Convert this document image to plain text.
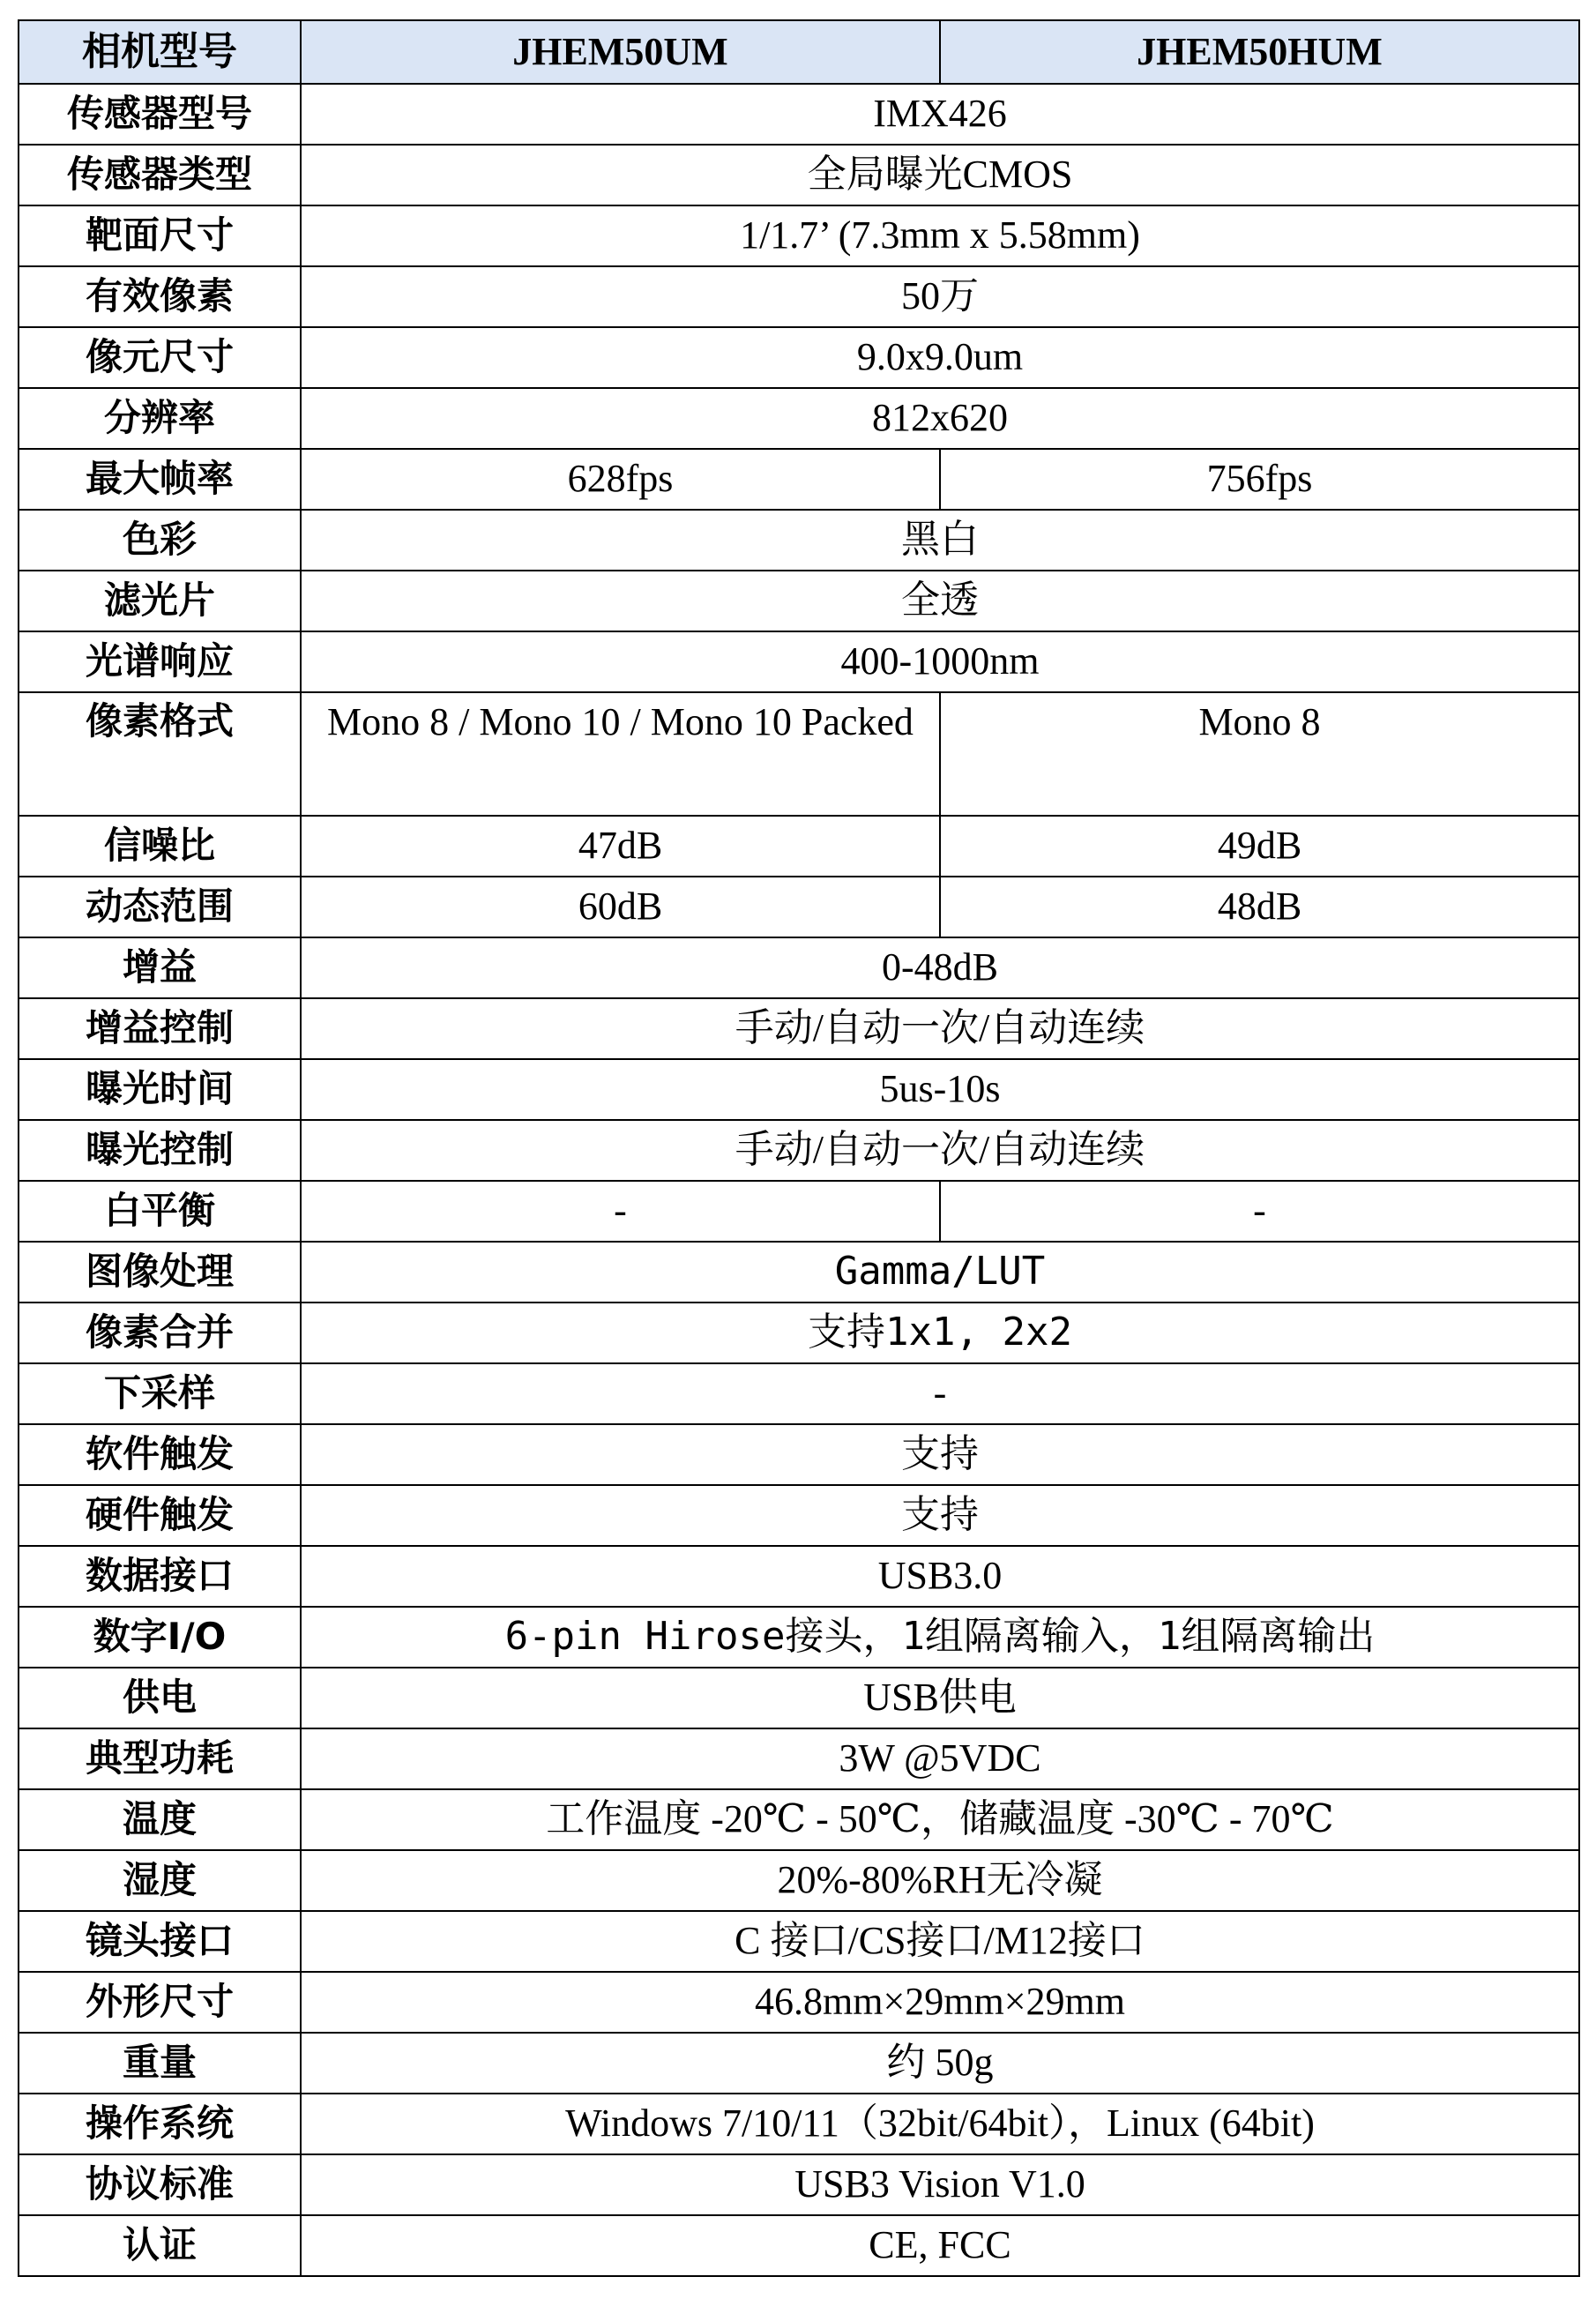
相机型号	JHEM50UM	JHEM50HUM
传感器型号	IMX426	
传感器类型	全局曝光CMOS	
靶面尺寸	1/1.7’ (7.3mm x 5.58mm)	
有效像素	50万	
像元尺寸	9.0x9.0um	
分辨率	812x620	
最大帧率	628fps	756fps
色彩	黑白	
滤光片	全透	
光谱响应	400-1000nm	
像素格式	Mono 8 / Mono 10 / Mono 10 Packed	Mono 8
信噪比	47dB	49dB
动态范围	60dB	48dB
增益	0-48dB	
增益控制	手动/自动一次/自动连续	
曝光时间	5us-10s	
曝光控制	手动/自动一次/自动连续	
白平衡	-	-
图像处理	Gamma/LUT	
像素合并	支持1x1, 2x2	
下采样	-	
软件触发	支持	
硬件触发	支持	
数据接口	USB3.0	
数字I/O	6-pin Hirose接头，1组隔离输入，1组隔离输出	
供电	USB供电	
典型功耗	3W @5VDC	
温度	工作温度 -20℃ - 50℃，储藏温度 -30℃ - 70℃	
湿度	20%-80%RH无冷凝	
镜头接口	C 接口/CS接口/M12接口	
外形尺寸	46.8mm×29mm×29mm	
重量	约 50g	
操作系统	Windows 7/10/11（32bit/64bit），Linux (64bit)	
协议标准	USB3 Vision V1.0	
认证	CE, FCC	
